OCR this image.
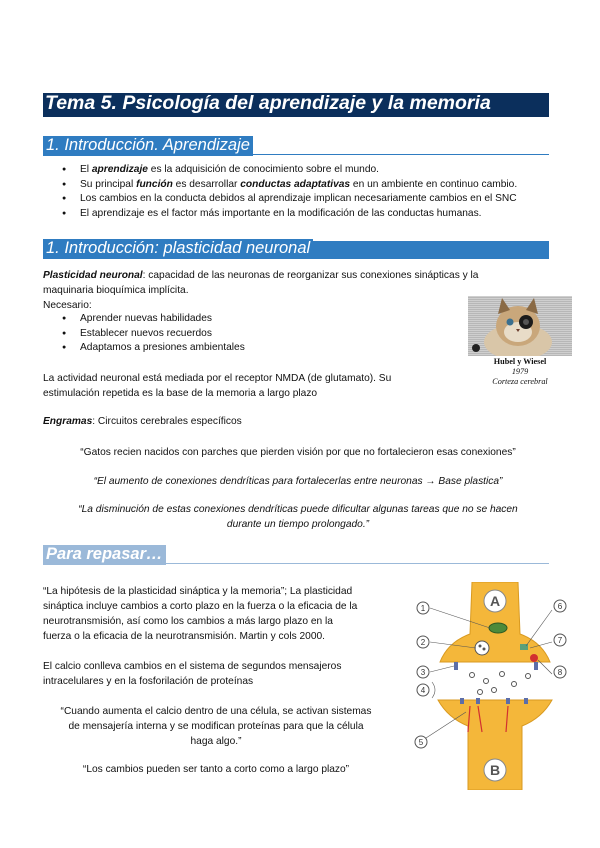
Tema 5. Psicología del aprendizaje y la memoria
1. Introducción. Aprendizaje
● El aprendizaje es la adquisición de conocimiento sobre el mundo.
● Su principal función es desarrollar conductas adaptativas en un ambiente en continuo cambio.
● Los cambios en la conducta debidos al aprendizaje implican necesariamente cambios en el SNC
● El aprendizaje es el factor más importante en la modificación de las conductas humanas.
1. Introducción: plasticidad neuronal
Plasticidad neuronal: capacidad de las neuronas de reorganizar sus conexiones sinápticas y la
maquinaria bioquímica implícita.
Necesario:
● Aprender nuevas habilidades
● Establecer nuevos recuerdos
● Adaptamos a presiones ambientales
Hubel y Wiesel
1979
Corteza cerebral
La actividad neuronal está mediada por el receptor NMDA (de glutamato). Su
estimulación repetida es la base de la memoria a largo plazo
Engramas: Circuitos cerebrales específicos
“Gatos recien nacidos con parches que pierden visión por que no fortalecieron esas conexiones”
“El aumento de conexiones dendríticas para fortalecerlas entre neuronas → Base plastica”
“La disminución de estas conexiones dendríticas puede dificultar algunas tareas que no se hacen
durante un tiempo prolongado.”
Para repasar…
“La hipótesis de la plasticidad sináptica y la memoria”; La plasticidad
sináptica incluye cambios a corto plazo en la fuerza o la eficacia de la
neurotransmisión, así como los cambios a más largo plazo en la
fuerza o la eficacia de la neurotransmisión. Martin y cols 2000.
El calcio conlleva cambios en el sistema de segundos mensajeros
intracelulares y en la fosforilación de proteínas
“Cuando aumenta el calcio dentro de una célula, se activan sistemas
de mensajería interna y se modifican proteínas para que la célula
haga algo.”
“Los cambios pueden ser tanto a corto como a largo plazo”
A
B
1
2
3
4
5
6
7
8
